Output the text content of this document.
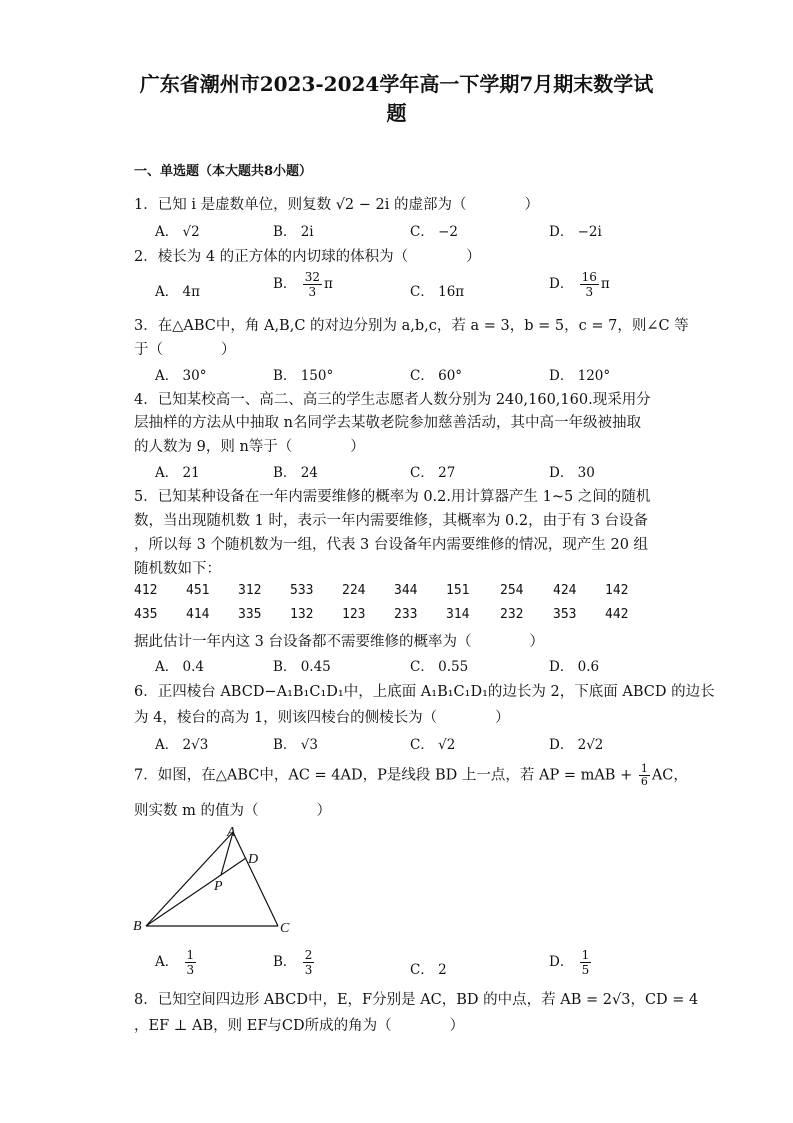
广东省潮州市2023-2024学年高一下学期7月期末数学试
题
一、单选题（本大题共8小题）
1．已知 i 是虚数单位，则复数 √2 − 2i 的虚部为（　　　　）
A． √2	B． 2i	C． −2	D． −2i
2．棱长为 4 的正方体的内切球的体积为（　　　　）
A． 4π	B． $\frac{32}{3}$ π	C． 16π	D． $\frac{16}{3}$ π
3．在△ABC中，角 A,B,C 的对边分别为 a,b,c，若 a = 3，b = 5，c = 7，则∠C 等
于（　　　　）
A． 30°	B． 150°	C． 60°	D． 120°
4．已知某校高一、高二、高三的学生志愿者人数分别为 240,160,160.现采用分
层抽样的方法从中抽取 n名同学去某敬老院参加慈善活动，其中高一年级被抽取
的人数为 9，则 n等于（　　　　）
A． 21	B． 24	C． 27	D． 30
5．已知某种设备在一年内需要维修的概率为 0.2.用计算器产生 1~5 之间的随机
数，当出现随机数 1 时，表示一年内需要维修，其概率为 0.2，由于有 3 台设备
，所以每 3 个随机数为一组，代表 3 台设备年内需要维修的情况，现产生 20 组
随机数如下：
412 451 312 533 224 344 151 254 424 142
435 414 335 132 123 233 314 232 353 442
据此估计一年内这 3 台设备都不需要维修的概率为（　　　　）
A． 0.4	B． 0.45	C． 0.55	D． 0.6
6．正四棱台 ABCD−A₁B₁C₁D₁中，上底面 A₁B₁C₁D₁的边长为 2，下底面 ABCD 的边长
为 4，棱台的高为 1，则该四棱台的侧棱长为（　　　　）
A． 2√3	B． √3	C． √2	D． 2√2
7．如图，在△ABC中，AC = 4AD，P是线段 BD 上一点，若 AP = mAB + $\frac{1}{6}$ AC，
则实数 m 的值为（　　　　）
A
D
P
B	C
A． $\frac{1}{3}$	B． $\frac{2}{3}$	C． 2	D． $\frac{1}{5}$
8．已知空间四边形 ABCD中，E，F分别是 AC，BD 的中点，若 AB = 2√3，CD = 4
，EF ⊥ AB，则 EF与CD所成的角为（　　　　）
